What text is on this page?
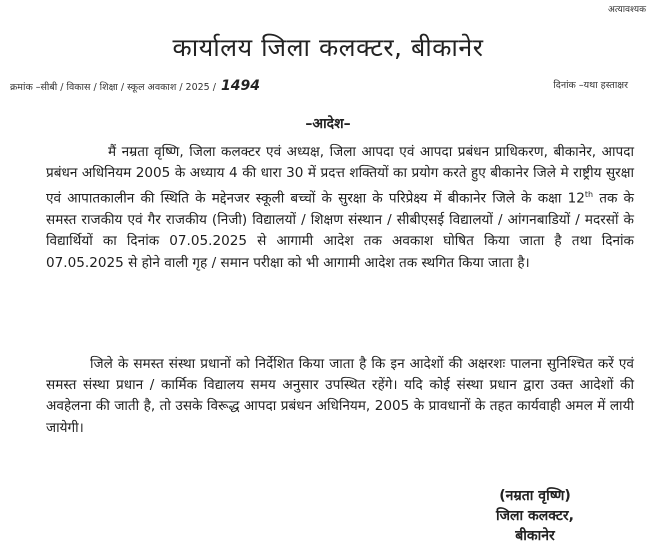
अत्यावश्यक
कार्यालय जिला कलक्टर, बीकानेर
क्रमांक –सीबी / विकास / शिक्षा / स्कूल अवकाश / 2025 / 1494	दिनांक –यथा हस्ताक्षर
–आदेश–
मैं नम्रता वृष्णि, जिला कलक्टर एवं अध्यक्ष, जिला आपदा एवं आपदा प्रबंधन प्राधिकरण, बीकानेर, आपदा प्रबंधन अधिनियम 2005 के अध्याय 4 की धारा 30 में प्रदत्त शक्तियों का प्रयोग करते हुए बीकानेर जिले मे राष्ट्रीय सुरक्षा एवं आपातकालीन की स्थिति के मद्देनजर स्कूली बच्चों के सुरक्षा के परिप्रेक्ष्य में बीकानेर जिले के कक्षा 12th तक के समस्त राजकीय एवं गैर राजकीय (निजी) विद्यालयों / शिक्षण संस्थान / सीबीएसई विद्यालयों / आंगनबाडियों / मदरसों के विद्यार्थियों का दिनांक 07.05.2025 से आगामी आदेश तक अवकाश घोषित किया जाता है तथा दिनांक 07.05.2025 से होने वाली गृह / समान परीक्षा को भी आगामी आदेश तक स्थगित किया जाता है।
जिले के समस्त संस्था प्रधानों को निर्देशित किया जाता है कि इन आदेशों की अक्षरशः पालना सुनिश्चित करें एवं समस्त संस्था प्रधान / कार्मिक विद्यालय समय अनुसार उपस्थित रहेंगे। यदि कोई संस्था प्रधान द्वारा उक्त आदेशों की अवहेलना की जाती है, तो उसके विरूद्ध आपदा प्रबंधन अधिनियम, 2005 के प्रावधानों के तहत कार्यवाही अमल में लायी जायेगी।
(नम्रता वृष्णि)
जिला कलक्टर,
बीकानेर
